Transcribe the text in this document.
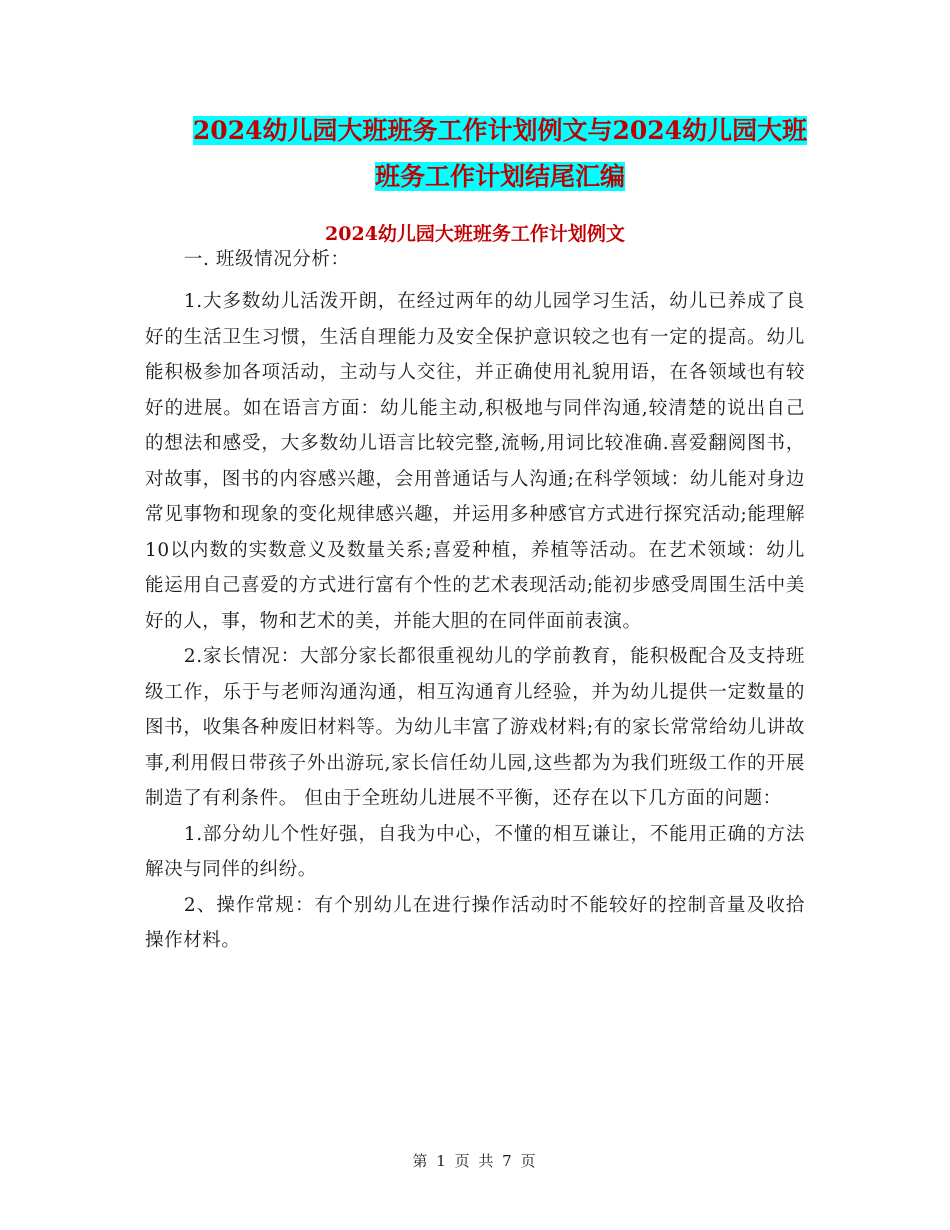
2024幼儿园大班班务工作计划例文与2024幼儿园大班
班务工作计划结尾汇编
2024幼儿园大班班务工作计划例文

一. 班级情况分析：

1.大多数幼儿活泼开朗，在经过两年的幼儿园学习生活，幼儿已养成了良好的生活卫生习惯，生活自理能力及安全保护意识较之也有一定的提高。幼儿能积极参加各项活动，主动与人交往，并正确使用礼貌用语，在各领域也有较好的进展。如在语言方面：幼儿能主动,积极地与同伴沟通,较清楚的说出自己的想法和感受，大多数幼儿语言比较完整,流畅,用词比较准确.喜爱翻阅图书，对故事，图书的内容感兴趣，会用普通话与人沟通;在科学领域：幼儿能对身边常见事物和现象的变化规律感兴趣，并运用多种感官方式进行探究活动;能理解10以内数的实数意义及数量关系;喜爱种植，养植等活动。在艺术领域：幼儿能运用自己喜爱的方式进行富有个性的艺术表现活动;能初步感受周围生活中美好的人，事，物和艺术的美，并能大胆的在同伴面前表演。

2.家长情况：大部分家长都很重视幼儿的学前教育，能积极配合及支持班级工作，乐于与老师沟通沟通，相互沟通育儿经验，并为幼儿提供一定数量的图书，收集各种废旧材料等。为幼儿丰富了游戏材料;有的家长常常给幼儿讲故事,利用假日带孩子外出游玩,家长信任幼儿园,这些都为为我们班级工作的开展制造了有利条件。 但由于全班幼儿进展不平衡，还存在以下几方面的问题：

1.部分幼儿个性好强，自我为中心，不懂的相互谦让，不能用正确的方法解决与同伴的纠纷。

2、操作常规：有个别幼儿在进行操作活动时不能较好的控制音量及收拾操作材料。

第 1 页 共 7 页
